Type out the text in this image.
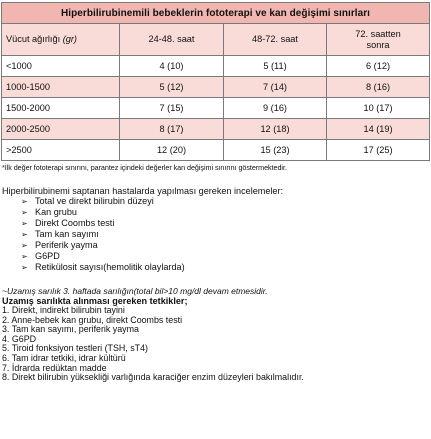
Hiperbilirubinemili bebeklerin fototerapi ve kan değişimi sınırları			
Vücut ağırlığı (gr)	24-48. saat	48-72. saat	72. saatten sonra
<1000	4 (10)	5 (11)	6 (12)
1000-1500	5 (12)	7 (14)	8 (16)
1500-2000	7 (15)	9 (16)	10 (17)
2000-2500	8 (17)	12 (18)	14 (19)
>2500	12 (20)	15 (23)	17 (25)
*İlk değer fototerapi sınırını, parantez içindeki değerler kan değişimi sınırını göstermektedir.
Hiperbilirubinemi saptanan hastalarda yapılması gereken incelemeler:
➢ Total ve direkt bilirubin düzeyi
➢ Kan grubu
➢ Direkt Coombs testi
➢ Tam kan sayımı
➢ Periferik yayma
➢ G6PD
➢ Retikülosit sayısı(hemolitik olaylarda)
~Uzamış sarılık 3. haftada sarılığın(total bil>10 mg/dl devam etmesidir.
Uzamış sarılıkta alınması gereken tetkikler;
1. Direkt, indirekt bilirubin tayini
2. Anne-bebek kan grubu, direkt Coombs testi
3. Tam kan sayımı, periferik yayma
4. G6PD
5. Tiroid fonksiyon testleri (TSH, sT4)
6. Tam idrar tetkiki, idrar kültürü
7. İdrarda redüktan madde
8. Direkt bilirubin yüksekliği varlığında karaciğer enzim düzeyleri bakılmalıdır.
